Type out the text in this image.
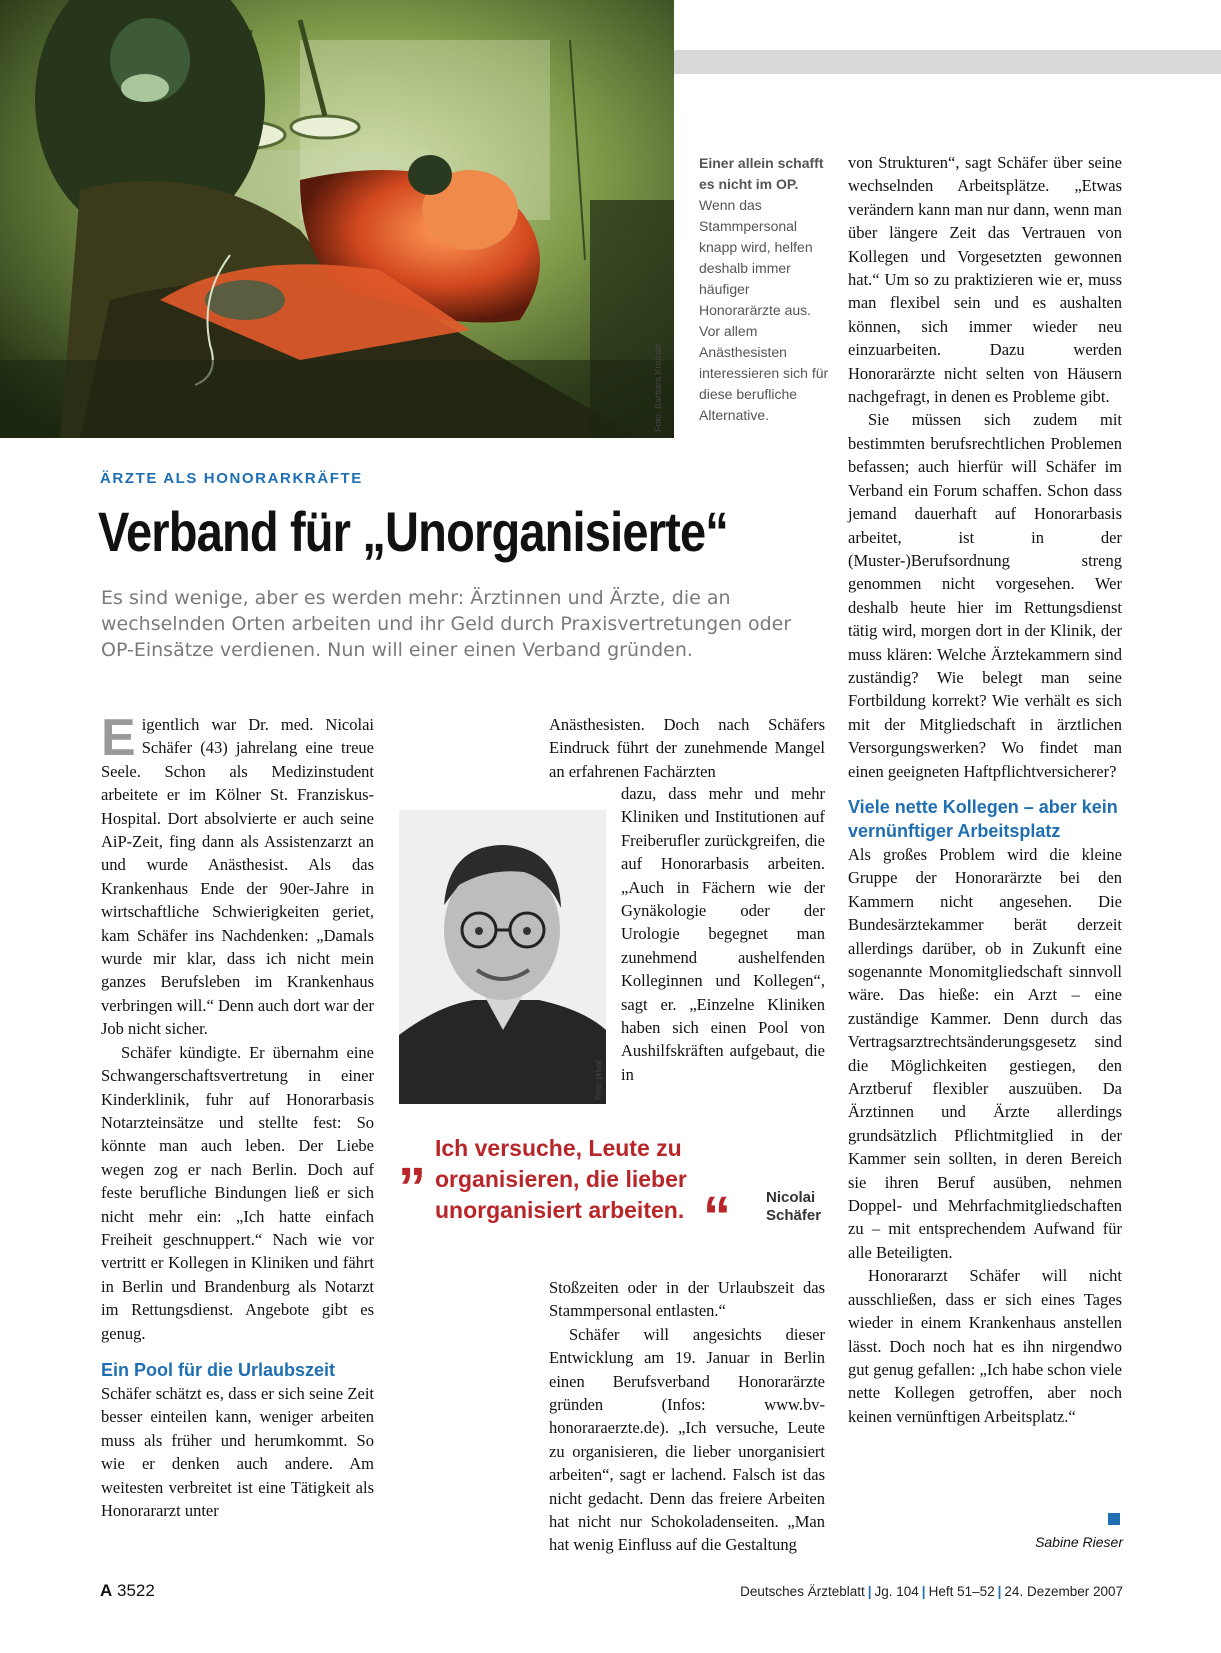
Foto: Barbara Krobath
Einer allein schafft es nicht im OP.
Wenn das Stammpersonal knapp wird, helfen deshalb immer häufiger Honorarärzte aus. Vor allem Anästhesisten interessieren sich für diese berufliche Alternative.
ÄRZTE ALS HONORARKRÄFTE
Verband für „Unorganisierte“
Es sind wenige, aber es werden mehr: Ärztinnen und Ärzte, die an wechselnden Orten arbeiten und ihr Geld durch Praxisvertretungen oder OP-Einsätze verdienen. Nun will einer einen Verband gründen.

Eigentlich war Dr. med. Nicolai Schäfer (43) jahrelang eine treue Seele. Schon als Medizinstudent arbeitete er im Kölner St. Franziskus-Hospital. Dort absolvierte er auch seine AiP-Zeit, fing dann als Assistenzarzt an und wurde Anästhesist. Als das Krankenhaus Ende der 90er-Jahre in wirtschaftliche Schwierigkeiten geriet, kam Schäfer ins Nachdenken: „Damals wurde mir klar, dass ich nicht mein ganzes Berufsleben im Krankenhaus verbringen will.“ Denn auch dort war der Job nicht sicher.

Schäfer kündigte. Er übernahm eine Schwangerschaftsvertretung in einer Kinderklinik, fuhr auf Honorarbasis Notarzteinsätze und stellte fest: So könnte man auch leben. Der Liebe wegen zog er nach Berlin. Doch auf feste berufliche Bindungen ließ er sich nicht mehr ein: „Ich hatte einfach Freiheit geschnuppert.“ Nach wie vor vertritt er Kollegen in Kliniken und fährt in Berlin und Brandenburg als Notarzt im Rettungsdienst. Angebote gibt es genug.

Ein Pool für die Urlaubszeit

Schäfer schätzt es, dass er sich seine Zeit besser einteilen kann, weniger arbeiten muss als früher und herumkommt. So wie er denken auch andere. Am weitesten verbreitet ist eine Tätigkeit als Honorararzt unter

Anästhesisten. Doch nach Schäfers Eindruck führt der zunehmende Mangel an erfahrenen Fachärzten

dazu, dass mehr und mehr Kliniken und Institutionen auf Freiberufler zurückgreifen, die auf Honorarbasis arbeiten. „Auch in Fächern wie der Gynäkologie oder der Urologie begegnet man zunehmend aushelfenden Kolleginnen und Kollegen“, sagt er. „Einzelne Kliniken haben sich einen Pool von Aushilfskräften aufgebaut, die in

Foto: privat
„ Ich versuche, Leute zu organisieren, die lieber unorganisiert arbeiten. “ Nicolai Schäfer

Stoßzeiten oder in der Urlaubszeit das Stammpersonal entlasten.“

Schäfer will angesichts dieser Entwicklung am 19. Januar in Berlin einen Berufsverband Honorarärzte gründen (Infos: www.bv-honoraraerzte.de). „Ich versuche, Leute zu organisieren, die lieber unorganisiert arbeiten“, sagt er lachend. Falsch ist das nicht gedacht. Denn das freiere Arbeiten hat nicht nur Schokoladenseiten. „Man hat wenig Einfluss auf die Gestaltung

von Strukturen“, sagt Schäfer über seine wechselnden Arbeitsplätze. „Etwas verändern kann man nur dann, wenn man über längere Zeit das Vertrauen von Kollegen und Vorgesetzten gewonnen hat.“ Um so zu praktizieren wie er, muss man flexibel sein und es aushalten können, sich immer wieder neu einzuarbeiten. Dazu werden Honorarärzte nicht selten von Häusern nachgefragt, in denen es Probleme gibt.

Sie müssen sich zudem mit bestimmten berufsrechtlichen Problemen befassen; auch hierfür will Schäfer im Verband ein Forum schaffen. Schon dass jemand dauerhaft auf Honorarbasis arbeitet, ist in der (Muster-)Berufsordnung streng genommen nicht vorgesehen. Wer deshalb heute hier im Rettungsdienst tätig wird, morgen dort in der Klinik, der muss klären: Welche Ärztekammern sind zuständig? Wie belegt man seine Fortbildung korrekt? Wie verhält es sich mit der Mitgliedschaft in ärztlichen Versorgungswerken? Wo findet man einen geeigneten Haftpflichtversicherer?

Viele nette Kollegen – aber kein vernünftiger Arbeitsplatz

Als großes Problem wird die kleine Gruppe der Honorarärzte bei den Kammern nicht angesehen. Die Bundesärztekammer berät derzeit allerdings darüber, ob in Zukunft eine sogenannte Monomitgliedschaft sinnvoll wäre. Das hieße: ein Arzt – eine zuständige Kammer. Denn durch das Vertragsarztrechtsänderungsgesetz sind die Möglichkeiten gestiegen, den Arztberuf flexibler auszuüben. Da Ärztinnen und Ärzte allerdings grundsätzlich Pflichtmitglied in der Kammer sein sollten, in deren Bereich sie ihren Beruf ausüben, nehmen Doppel- und Mehrfachmitgliedschaften zu – mit entsprechendem Aufwand für alle Beteiligten.

Honorararzt Schäfer will nicht ausschließen, dass er sich eines Tages wieder in einem Krankenhaus anstellen lässt. Doch noch hat es ihn nirgendwo gut genug gefallen: „Ich habe schon viele nette Kollegen getroffen, aber noch keinen vernünftigen Arbeitsplatz.“

Sabine Rieser
A 3522	Deutsches Ärzteblatt | Jg. 104 | Heft 51–52 | 24. Dezember 2007
